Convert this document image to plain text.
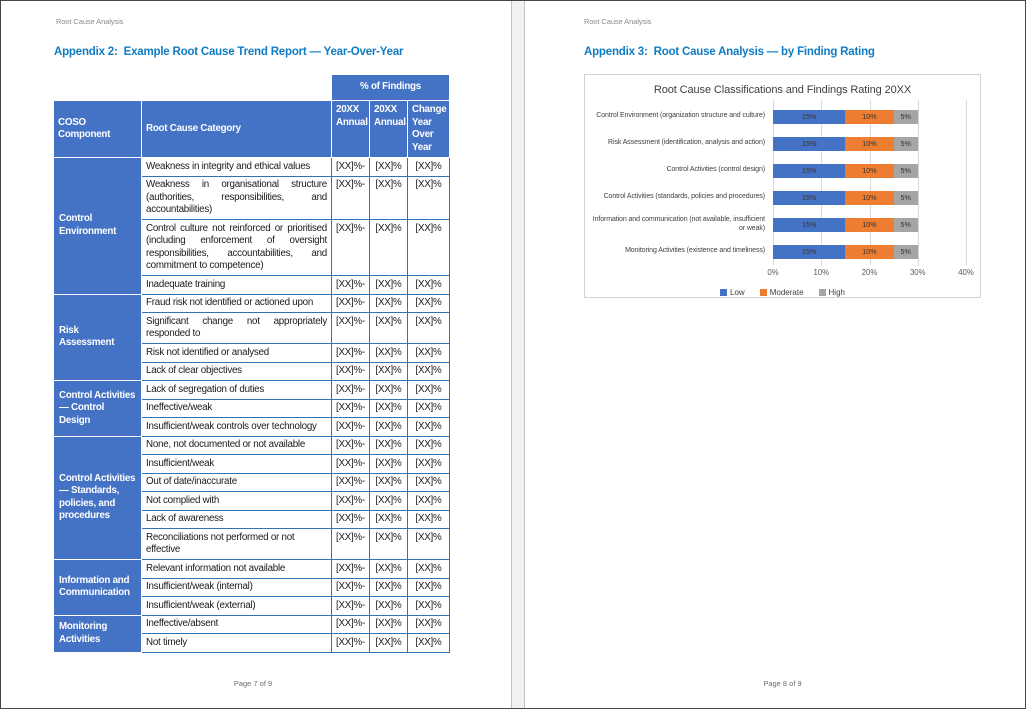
Root Cause Analysis
Appendix 2:  Example Root Cause Trend Report — Year-Over-Year
		% of Findings		
COSO Component	Root Cause Category	20XX Annual	20XX Annual	Change Year Over Year
Control Environment	Weakness in integrity and ethical values	[XX]%-	[XX]%	[XX]%
	Weakness in organisational structure (authorities, responsibilities, and accountabilities)	[XX]%-	[XX]%	[XX]%
	Control culture not reinforced or prioritised (including enforcement of oversight responsibilities, accountabilities, and commitment to competence)	[XX]%-	[XX]%	[XX]%
	Inadequate training	[XX]%-	[XX]%	[XX]%
Risk Assessment	Fraud risk not identified or actioned upon	[XX]%-	[XX]%	[XX]%
	Significant change not appropriately responded to	[XX]%-	[XX]%	[XX]%
	Risk not identified or analysed	[XX]%-	[XX]%	[XX]%
	Lack of clear objectives	[XX]%-	[XX]%	[XX]%
Control Activities — Control Design	Lack of segregation of duties	[XX]%-	[XX]%	[XX]%
	Ineffective/weak	[XX]%-	[XX]%	[XX]%
	Insufficient/weak controls over technology	[XX]%-	[XX]%	[XX]%
Control Activities — Standards, policies, and procedures	None, not documented or not available	[XX]%-	[XX]%	[XX]%
	Insufficient/weak	[XX]%-	[XX]%	[XX]%
	Out of date/inaccurate	[XX]%-	[XX]%	[XX]%
	Not complied with	[XX]%-	[XX]%	[XX]%
	Lack of awareness	[XX]%-	[XX]%	[XX]%
	Reconciliations not performed or not effective	[XX]%-	[XX]%	[XX]%
Information and Communication	Relevant information not available	[XX]%-	[XX]%	[XX]%
	Insufficient/weak (internal)	[XX]%-	[XX]%	[XX]%
	Insufficient/weak (external)	[XX]%-	[XX]%	[XX]%
Monitoring Activities	Ineffective/absent	[XX]%-	[XX]%	[XX]%
	Not timely	[XX]%-	[XX]%	[XX]%
Page 7 of 9
Root Cause Analysis
Appendix 3:  Root Cause Analysis — by Finding Rating
Root Cause Classifications and Findings Rating 20XX
Control Environment (organization structure and culture)	15%	10%	5%
Risk Assessment (identification, analysis and action)	15%	10%	5%
Control Activities (control design)	15%	10%	5%
Control Activities (standards, policies and procedures)	15%	10%	5%
Information and communication (not available, insufficient or weak)	15%	10%	5%
Monitoring Activities (existence and timeliness)	15%	10%	5%
0%	10%	20%	30%	40%
Low	Moderate	High
Page 8 of 9
